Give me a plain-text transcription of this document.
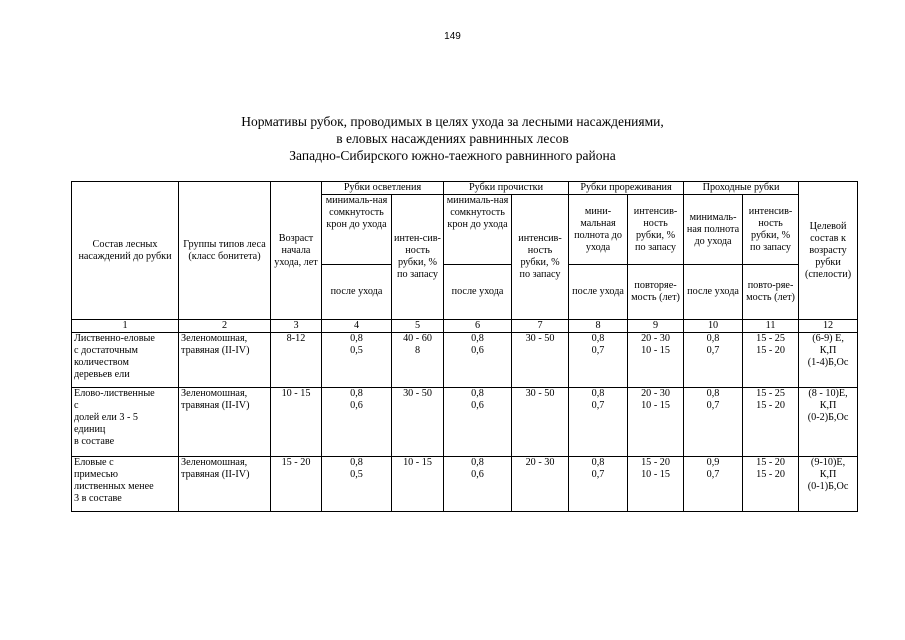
149
Нормативы рубок, проводимых в целях ухода за лесными насаждениями,
в еловых насаждениях равнинных лесов
Западно-Сибирского южно-таежного равнинного района
Состав лесных насаждений до рубки	Группы типов леса (класс бонитета)	Возраст начала ухода, лет	Рубки осветления		Рубки прочистки		Рубки прореживания		Проходные рубки		Целевой состав к возрасту рубки (спелости)
			минималь-ная сомкнутость крон до ухода	интен-сив-ность рубки, % по запасу	минималь-ная сомкнутость крон до ухода	интенсив-ность рубки, % по запасу	мини-мальная полнота до ухода	интенсив-ность рубки, % по запасу	минималь-ная полнота до ухода	интенсив-ность рубки, % по запасу	
			после ухода		после ухода		после ухода	повторяе-мость (лет)	после ухода	повто-ряе-мость (лет)	
1	2	3	4	5	6	7	8	9	10	11	12
Лиственно-еловые
с достаточным
количеством
деревьев ели	Зеленомошная,
травяная (II-IV)	8-12	0,8
0,5	40 - 60
8	0,8
0,6	30 - 50	0,8
0,7	20 - 30
10 - 15	0,8
0,7	15 - 25
15 - 20	(6-9) Е,
К,П
(1-4)Б,Ос
Елово-лиственные
с
долей ели 3 - 5
единиц
в составе	Зеленомошная,
травяная (II-IV)	10 - 15	0,8
0,6	30 - 50	0,8
0,6	30 - 50	0,8
0,7	20 - 30
10 - 15	0,8
0,7	15 - 25
15 - 20	(8 - 10)Е,
К,П
(0-2)Б,Ос
Еловые с
примесью
лиственных менее
3 в составе	Зеленомошная,
травяная (II-IV)	15 - 20	0,8
0,5	10 - 15	0,8
0,6	20 - 30	0,8
0,7	15 - 20
10 - 15	0,9
0,7	15 - 20
15 - 20	(9-10)Е,
К,П
(0-1)Б,Ос
